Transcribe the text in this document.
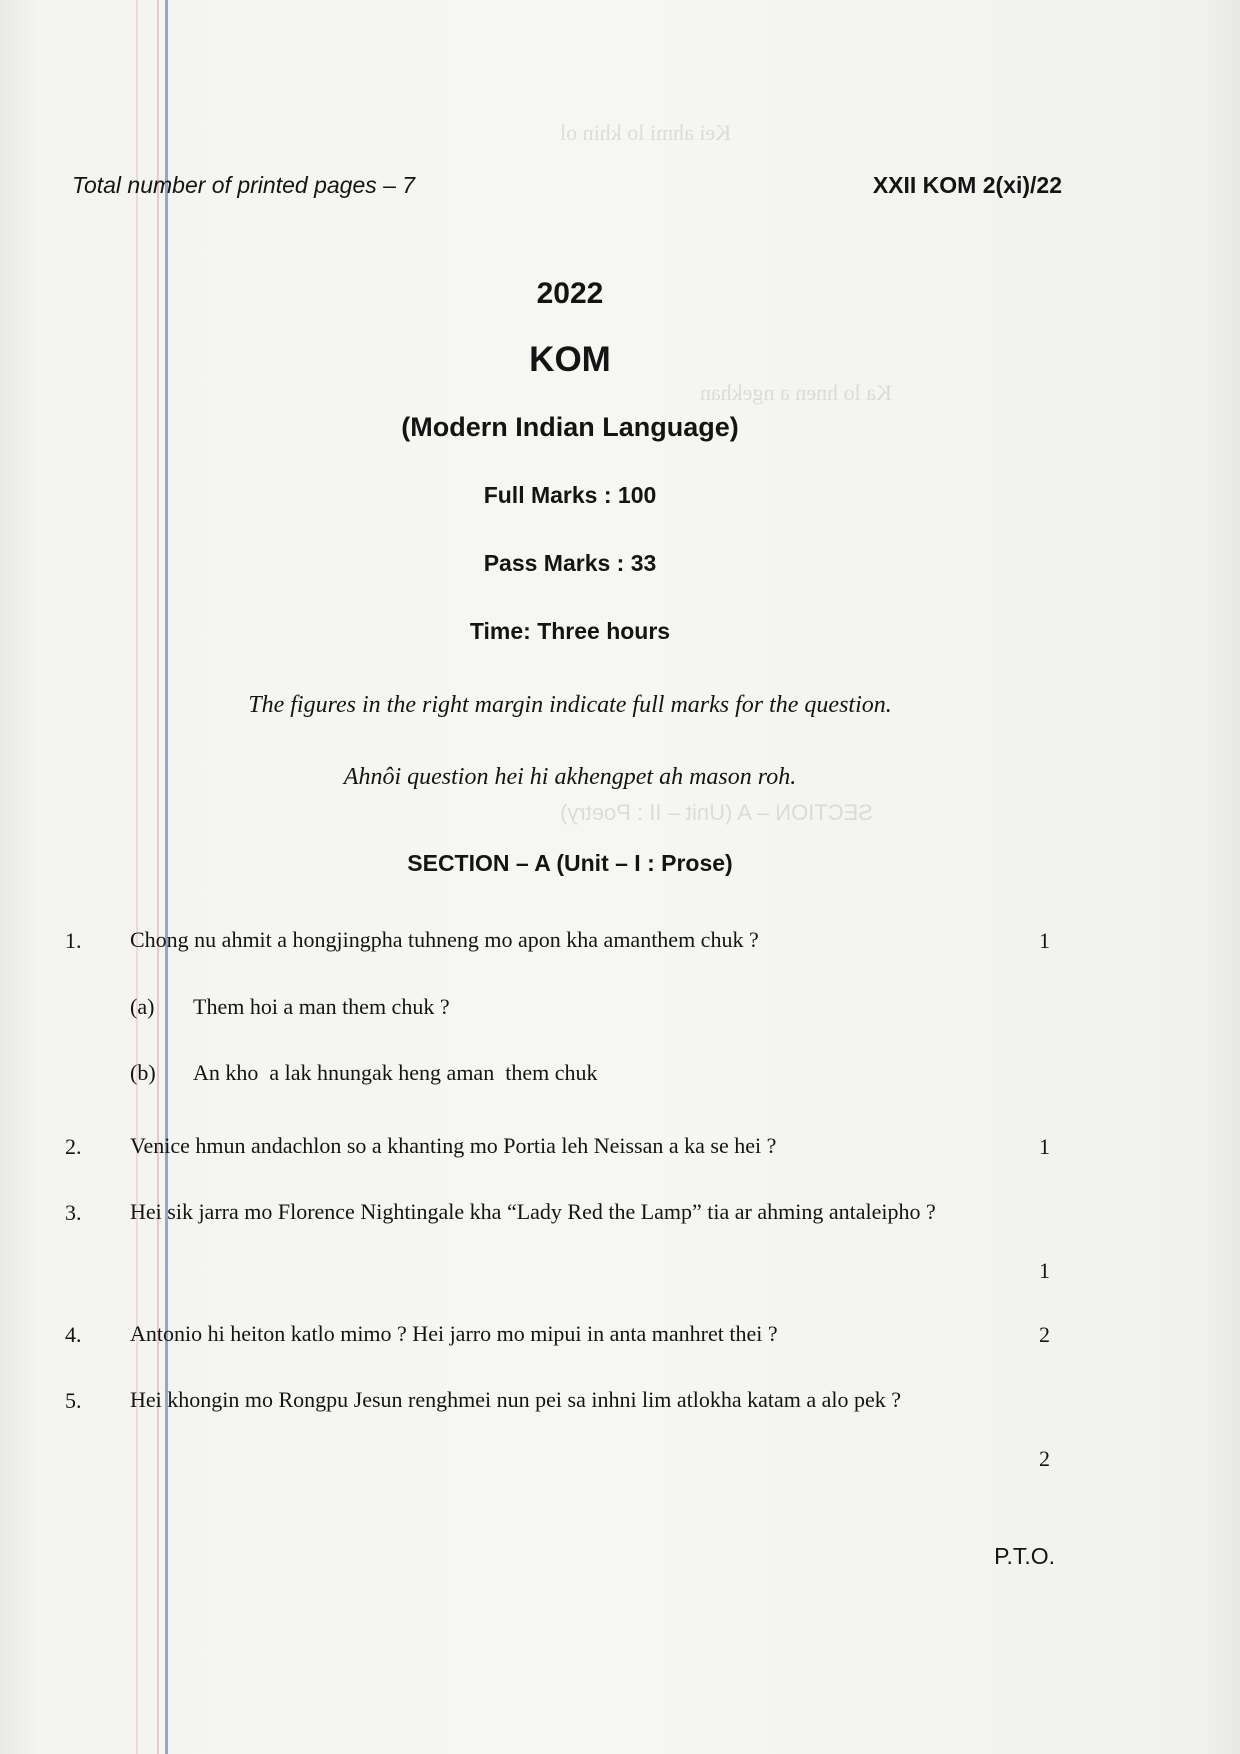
Kei ahmi lo khin ol
Ka lo hnen a ngekhan
SECTION – A (Unit – II : Poetry)
Total number of printed pages – 7	XXII KOM 2(xi)/22
2022
KOM
(Modern Indian Language)
Full Marks : 100
Pass Marks : 33
Time: Three hours
The figures in the right margin indicate full marks for the question.
Ahnôi question hei hi akhengpet ah mason roh.
SECTION – A (Unit – I : Prose)
1. Chong nu ahmit a hongjingpha tuhneng mo apon kha amanthem chuk ?	1
(a) Them hoi a man them chuk ?
(b) An kho  a lak hnungak heng aman  them chuk
2. Venice hmun andachlon so a khanting mo Portia leh Neissan a ka se hei ?	1
3. Hei sik jarra mo Florence Nightingale kha “Lady Red the Lamp” tia ar ahming antaleipho ?
1
4. Antonio hi heiton katlo mimo ? Hei jarro mo mipui in anta manhret thei ?	2
5. Hei khongin mo Rongpu Jesun renghmei nun pei sa inhni lim atlokha katam a alo pek ?
2
P.T.O.
